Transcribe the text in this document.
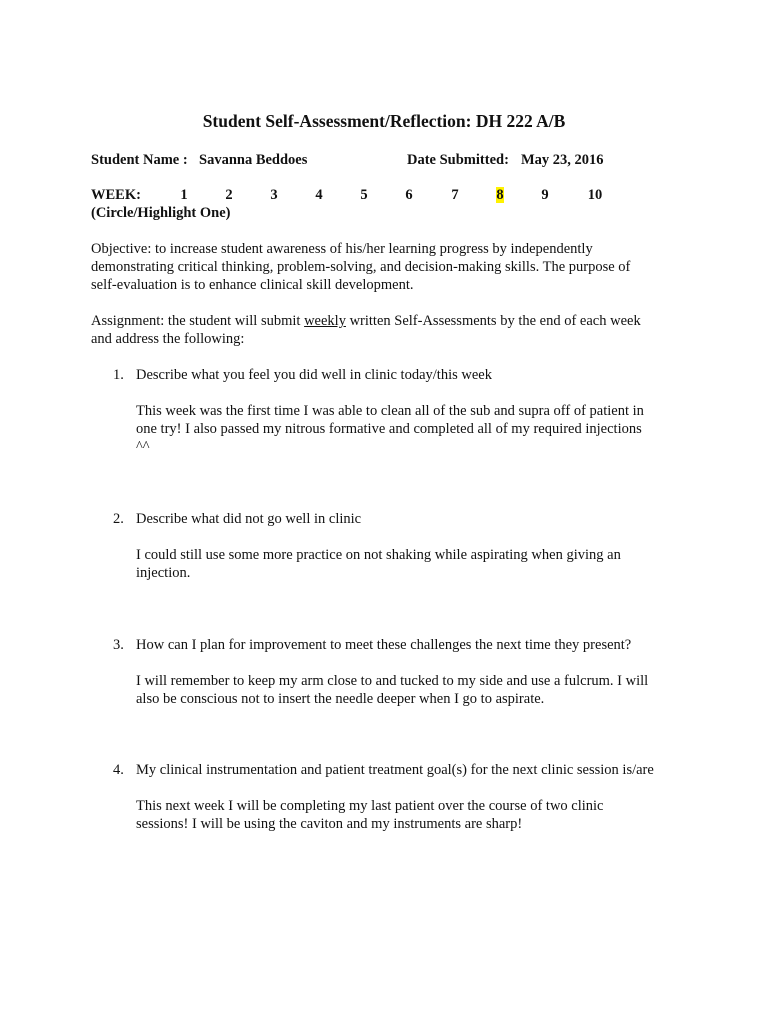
Student Self-Assessment/Reflection: DH 222 A/B
Student Name : Savanna Beddoes	Date Submitted: May 23, 2016
WEEK:	1	2	3	4	5	6	7	8	9	10
(Circle/Highlight One)
Objective: to increase student awareness of his/her learning progress by independently
demonstrating critical thinking, problem-solving, and decision-making skills. The purpose of
self-evaluation is to enhance clinical skill development.
Assignment: the student will submit weekly written Self-Assessments by the end of each week
and address the following:
1. Describe what you feel you did well in clinic today/this week
This week was the first time I was able to clean all of the sub and supra off of patient in
one try! I also passed my nitrous formative and completed all of my required injections
^^
2. Describe what did not go well in clinic
I could still use some more practice on not shaking while aspirating when giving an
injection.
3. How can I plan for improvement to meet these challenges the next time they present?
I will remember to keep my arm close to and tucked to my side and use a fulcrum. I will
also be conscious not to insert the needle deeper when I go to aspirate.
4. My clinical instrumentation and patient treatment goal(s) for the next clinic session is/are
This next week I will be completing my last patient over the course of two clinic
sessions! I will be using the caviton and my instruments are sharp!
